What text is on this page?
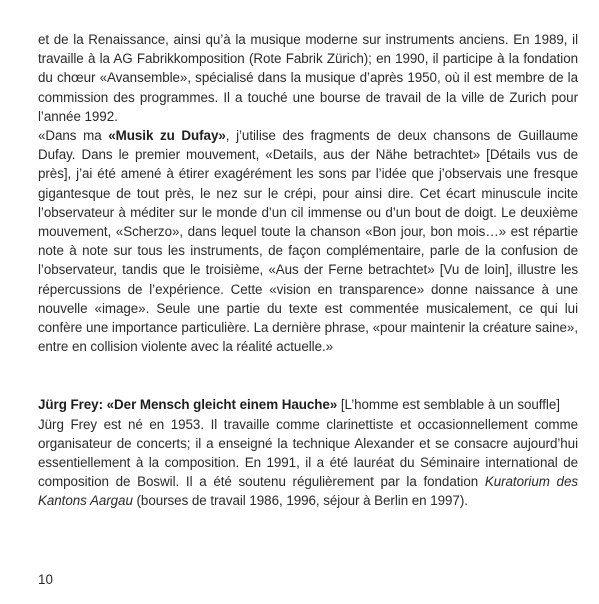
et de la Renaissance, ainsi qu’à la musique moderne sur instruments anciens. En 1989, il travaille à la AG Fabrikkomposition (Rote Fabrik Zürich); en 1990, il participe à la fondation du chœur «Avansemble», spécialisé dans la musique d’après 1950, où il est membre de la commission des programmes. Il a touché une bourse de travail de la ville de Zurich pour l’année 1992.

«Dans ma «Musik zu Dufay», j’utilise des fragments de deux chansons de Guillaume Dufay. Dans le premier mouvement, «Details, aus der Nähe betrachtet» [Détails vus de près], j’ai été amené à étirer exagérément les sons par l’idée que j’observais une fresque gigantesque de tout près, le nez sur le crépi, pour ainsi dire. Cet écart minuscule incite l’observateur à méditer sur le monde d’un cil immense ou d’un bout de doigt. Le deuxième mouvement, «Scherzo», dans lequel toute la chanson «Bon jour, bon mois…» est répartie note à note sur tous les instruments, de façon complémentaire, parle de la confusion de l’observateur, tandis que le troisième, «Aus der Ferne betrachtet» [Vu de loin], illustre les répercussions de l’expérience. Cette «vision en transparence» donne naissance à une nouvelle «image». Seule une partie du texte est commentée musicalement, ce qui lui confère une importance particulière. La dernière phrase, «pour maintenir la créature saine», entre en collision violente avec la réalité actuelle.»

Jürg Frey: «Der Mensch gleicht einem Hauche» [L’homme est semblable à un souffle]

Jürg Frey est né en 1953. Il travaille comme clarinettiste et occasionnellement comme organisateur de concerts; il a enseigné la technique Alexander et se consacre aujourd’hui essentiellement à la composition. En 1991, il a été lauréat du Séminaire international de composition de Boswil. Il a été soutenu régulièrement par la fondation Kuratorium des Kantons Aargau (bourses de travail 1986, 1996, séjour à Berlin en 1997).

10
